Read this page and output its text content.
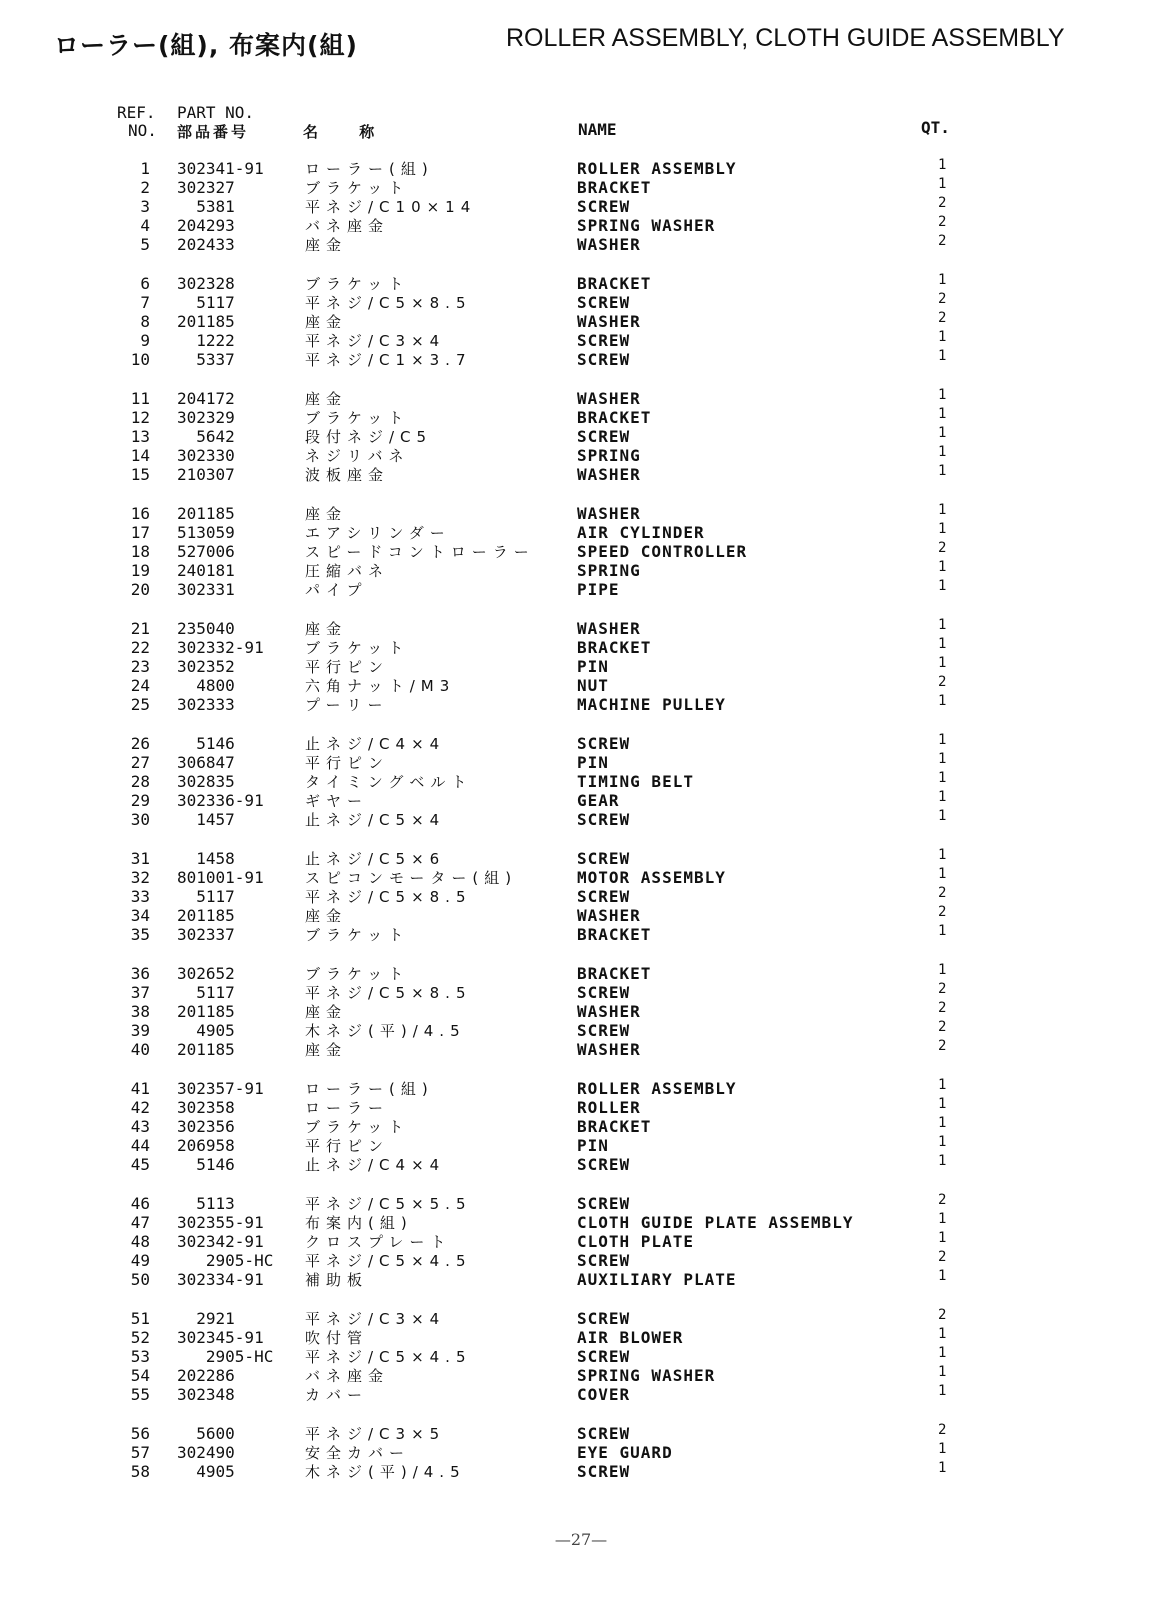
ローラー(組), 布案内(組)	ROLLER ASSEMBLY, CLOTH GUIDE ASSEMBLY
REF.
NO.
PART NO.
部品番号	名 称	NAME	QT.
1 302341-91	ローラー(組)	ROLLER ASSEMBLY	1
2 302327	ブラケット	BRACKET	1
3 5381	平ネジ/C10×14	SCREW	2
4 204293	バネ座金	SPRING WASHER	2
5 202433	座金	WASHER	2
6 302328	ブラケット	BRACKET	1
7 5117	平ネジ/C5×8.5	SCREW	2
8 201185	座金	WASHER	2
9 1222	平ネジ/C3×4	SCREW	1
10 5337	平ネジ/C1×3.7	SCREW	1
11 204172	座金	WASHER	1
12 302329	ブラケット	BRACKET	1
13 5642	段付ネジ/C5	SCREW	1
14 302330	ネジリバネ	SPRING	1
15 210307	波板座金	WASHER	1
16 201185	座金	WASHER	1
17 513059	エアシリンダー	AIR CYLINDER	1
18 527006	スピードコントローラー	SPEED CONTROLLER	2
19 240181	圧縮バネ	SPRING	1
20 302331	パイプ	PIPE	1
21 235040	座金	WASHER	1
22 302332-91	ブラケット	BRACKET	1
23 302352	平行ピン	PIN	1
24 4800	六角ナット/M3	NUT	2
25 302333	プーリー	MACHINE PULLEY	1
26 5146	止ネジ/C4×4	SCREW	1
27 306847	平行ピン	PIN	1
28 302835	タイミングベルト	TIMING BELT	1
29 302336-91	ギヤー	GEAR	1
30 1457	止ネジ/C5×4	SCREW	1
31 1458	止ネジ/C5×6	SCREW	1
32 801001-91	スピコンモーター(組)	MOTOR ASSEMBLY	1
33 5117	平ネジ/C5×8.5	SCREW	2
34 201185	座金	WASHER	2
35 302337	ブラケット	BRACKET	1
36 302652	ブラケット	BRACKET	1
37 5117	平ネジ/C5×8.5	SCREW	2
38 201185	座金	WASHER	2
39 4905	木ネジ(平)/4.5	SCREW	2
40 201185	座金	WASHER	2
41 302357-91	ローラー(組)	ROLLER ASSEMBLY	1
42 302358	ローラー	ROLLER	1
43 302356	ブラケット	BRACKET	1
44 206958	平行ピン	PIN	1
45 5146	止ネジ/C4×4	SCREW	1
46 5113	平ネジ/C5×5.5	SCREW	2
47 302355-91	布案内(組)	CLOTH GUIDE PLATE ASSEMBLY	1
48 302342-91	クロスプレート	CLOTH PLATE	1
49 2905-HC 平ネジ/C5×4.5	SCREW	2
50 302334-91	補助板	AUXILIARY PLATE	1
51 2921	平ネジ/C3×4	SCREW	2
52 302345-91	吹付管	AIR BLOWER	1
53 2905-HC 平ネジ/C5×4.5	SCREW	1
54 202286	バネ座金	SPRING WASHER	1
55 302348	カバー	COVER	1
56 5600	平ネジ/C3×5	SCREW	2
57 302490	安全カバー	EYE GUARD	1
58 4905	木ネジ(平)/4.5	SCREW	1
—27—
